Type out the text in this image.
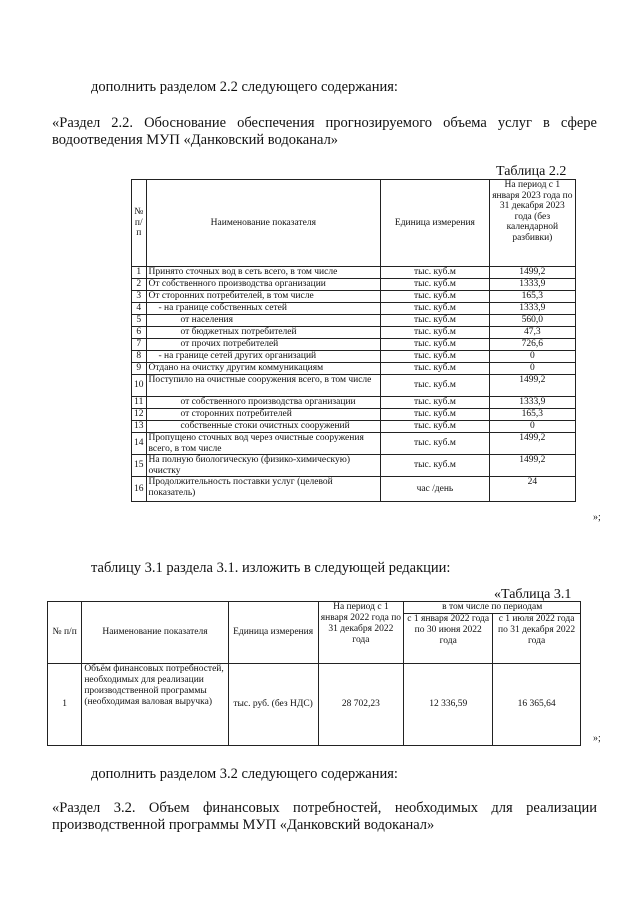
дополнить разделом 2.2 следующего содержания:
«Раздел 2.2. Обоснование обеспечения прогнозируемого объема услуг в сфере водоотведения МУП «Данковский водоканал»
Таблица 2.2
№ п/п	Наименование показателя	Единица измерения	На период с 1 января 2023 года по 31 декабря 2023 года (без календарной разбивки)
1	Принято сточных вод в сеть всего, в том числе	тыс. куб.м	1499,2
2	От собственного производства организации	тыс. куб.м	1333,9
3	От сторонних потребителей, в том числе	тыс. куб.м	165,3
4	- на границе собственных сетей	тыс. куб.м	1333,9
5	от населения	тыс. куб.м	560,0
6	от бюджетных потребителей	тыс. куб.м	47,3
7	от прочих потребителей	тыс. куб.м	726,6
8	- на границе сетей других организаций	тыс. куб.м	0
9	Отдано на очистку другим коммуникациям	тыс. куб.м	0
10	Поступило на очистные сооружения всего, в том числе	тыс. куб.м	1499,2
11	от собственного производства организации	тыс. куб.м	1333,9
12	от сторонних потребителей	тыс. куб.м	165,3
13	собственные стоки очистных сооружений	тыс. куб.м	0
14	Пропущено сточных вод через очистные сооружения всего, в том числе	тыс. куб.м	1499,2
15	На полную биологическую (физико-химическую) очистку	тыс. куб.м	1499,2
16	Продолжительность поставки услуг (целевой показатель)	час /день	24
»;
таблицу 3.1 раздела 3.1. изложить в следующей редакции:
«Таблица 3.1
№ п/п	Наименование показателя	Единица измерения	На период с 1 января 2022 года по 31 декабря 2022 года	в том числе по периодам	
				с 1 января 2022 года по 30 июня 2022 года	с 1 июля 2022 года по 31 декабря 2022 года
1	Объём финансовых потребностей, необходимых для реализации производственной программы (необходимая валовая выручка)	тыс. руб. (без НДС)	28 702,23	12 336,59	16 365,64
»;
дополнить разделом 3.2 следующего содержания:
«Раздел 3.2. Объем финансовых потребностей, необходимых для реализации производственной программы МУП «Данковский водоканал»
